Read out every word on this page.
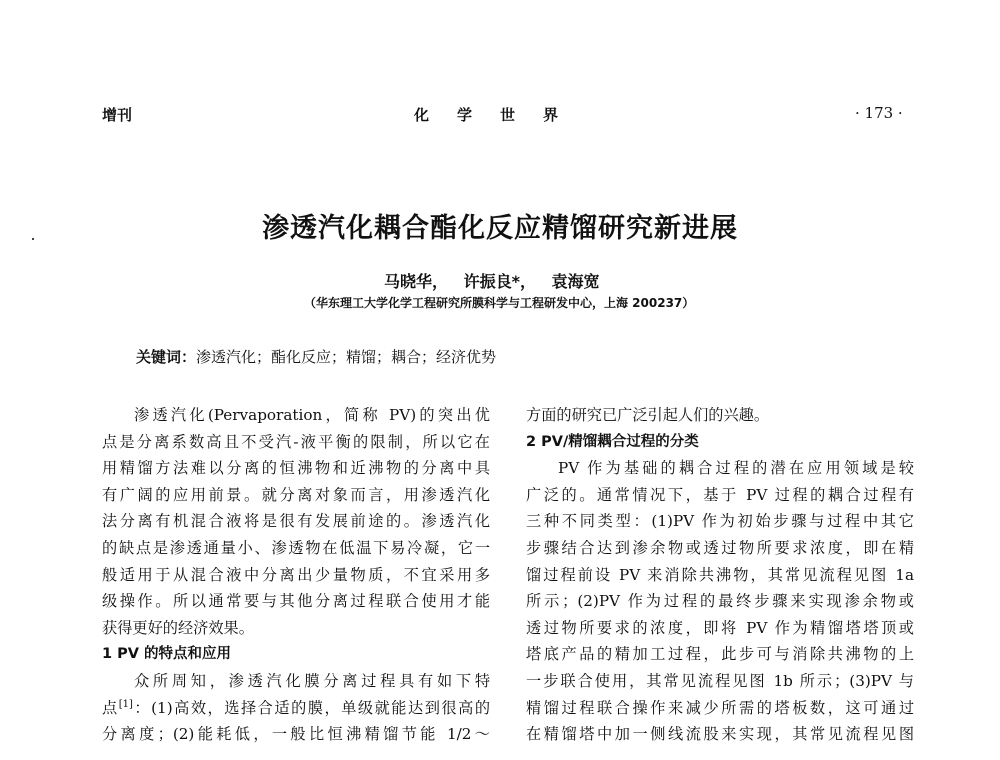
增刊	化学世界	· 173 ·
渗透汽化耦合酯化反应精馏研究新进展
马晓华， 许振良*， 袁海宽
（华东理工大学化学工程研究所膜科学与工程研发中心，上海 200237）
关键词：渗透汽化；酯化反应；精馏；耦合；经济优势
渗透汽化(Pervaporation，简称 PV)的突出优
点是分离系数高且不受汽-液平衡的限制，所以它在
用精馏方法难以分离的恒沸物和近沸物的分离中具
有广阔的应用前景。就分离对象而言，用渗透汽化
法分离有机混合液将是很有发展前途的。渗透汽化
的缺点是渗透通量小、渗透物在低温下易冷凝，它一
般适用于从混合液中分离出少量物质，不宜采用多
级操作。所以通常要与其他分离过程联合使用才能
获得更好的经济效果。
1 PV 的特点和应用
众所周知，渗透汽化膜分离过程具有如下特
点[1]：(1)高效，选择合适的膜，单级就能达到很高的
分离度；(2)能耗低，一般比恒沸精馏节能 1/2～
方面的研究已广泛引起人们的兴趣。
2 PV/精馏耦合过程的分类
PV 作为基础的耦合过程的潜在应用领域是较
广泛的。通常情况下，基于 PV 过程的耦合过程有
三种不同类型：(1)PV 作为初始步骤与过程中其它
步骤结合达到渗余物或透过物所要求浓度，即在精
馏过程前设 PV 来消除共沸物，其常见流程见图 1a
所示；(2)PV 作为过程的最终步骤来实现渗余物或
透过物所要求的浓度，即将 PV 作为精馏塔塔顶或
塔底产品的精加工过程，此步可与消除共沸物的上
一步联合使用，其常见流程见图 1b 所示；(3)PV 与
精馏过程联合操作来减少所需的塔板数，这可通过
在精馏塔中加一侧线流股来实现，其常见流程见图
